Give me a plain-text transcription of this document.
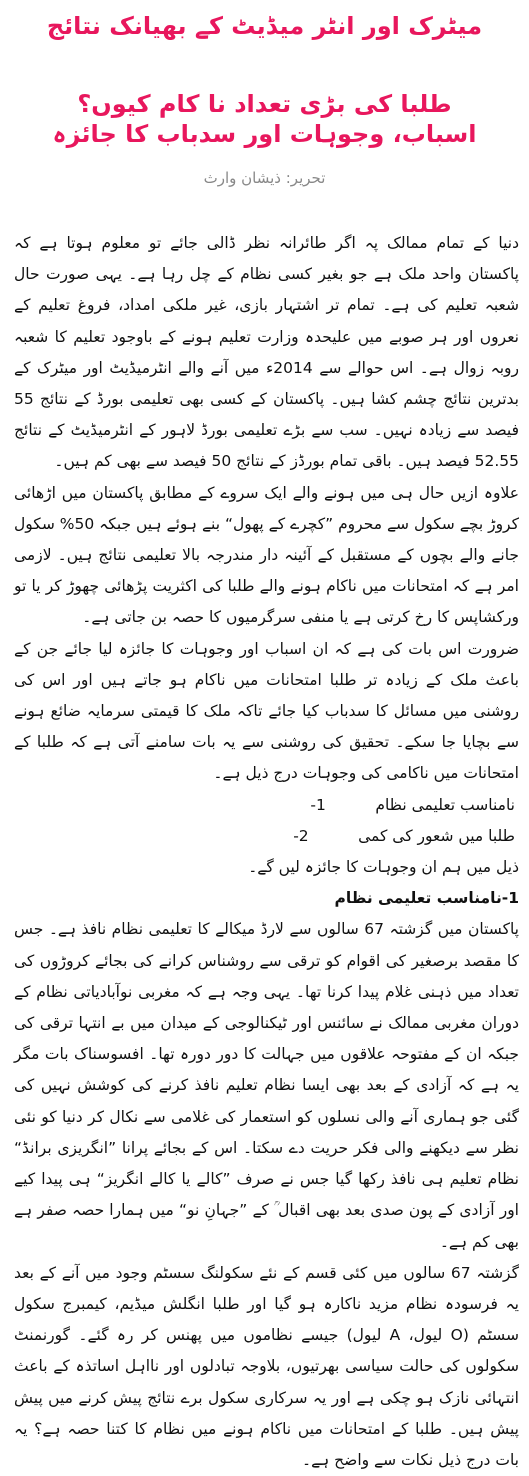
میٹرک اور انٹر میڈیٹ کے بھیانک نتائج
طلبا کی بڑی تعداد نا کام کیوں؟
اسباب، وجوہات اور سدباب کا جائزہ
تحریر: ذیشان وارث

دنیا کے تمام ممالک پہ اگر طائرانہ نظر ڈالی جائے تو معلوم ہوتا ہے کہ پاکستان واحد ملک ہے جو بغیر کسی نظام کے چل رہا ہے۔ یہی صورت حال شعبہ تعلیم کی ہے۔ تمام تر اشتہار بازی، غیر ملکی امداد، فروغ تعلیم کے نعروں اور ہر صوبے میں علیحدہ وزارت تعلیم ہونے کے باوجود تعلیم کا شعبہ روبہ زوال ہے۔ اس حوالے سے 2014ء میں آنے والے انٹرمیڈیٹ اور میٹرک کے بدترین نتائج چشم کشا ہیں۔ پاکستان کے کسی بھی تعلیمی بورڈ کے نتائج 55 فیصد سے زیادہ نہیں۔ سب سے بڑے تعلیمی بورڈ لاہور کے انٹرمیڈیٹ کے نتائج 52.55 فیصد ہیں۔ باقی تمام بورڈز کے نتائج 50 فیصد سے بھی کم ہیں۔

علاوہ ازیں حال ہی میں ہونے والے ایک سروے کے مطابق پاکستان میں اڑھائی کروڑ بچے سکول سے محروم ”کچرے کے پھول“ بنے ہوئے ہیں جبکہ 50% سکول جانے والے بچوں کے مستقبل کے آئینہ دار مندرجہ بالا تعلیمی نتائج ہیں۔ لازمی امر ہے کہ امتحانات میں ناکام ہونے والے طلبا کی اکثریت پڑھائی چھوڑ کر یا تو ورکشاپس کا رخ کرتی ہے یا منفی سرگرمیوں کا حصہ بن جاتی ہے۔

ضرورت اس بات کی ہے کہ ان اسباب اور وجوہات کا جائزہ لیا جائے جن کے باعث ملک کے زیادہ تر طلبا امتحانات میں ناکام ہو جاتے ہیں اور اس کی روشنی میں مسائل کا سدباب کیا جائے تاکہ ملک کا قیمتی سرمایہ ضائع ہونے سے بچایا جا سکے۔ تحقیق کی روشنی سے یہ بات سامنے آتی ہے کہ طلبا کے امتحانات میں ناکامی کی وجوہات درج ذیل ہے۔

نامناسب تعلیمی نظام -1
طلبا میں شعور کی کمی -2

ذیل میں ہم ان وجوہات کا جائزہ لیں گے۔

1-نامناسب تعلیمی نظام

پاکستان میں گزشتہ 67 سالوں سے لارڈ میکالے کا تعلیمی نظام نافذ ہے۔ جس کا مقصد برصغیر کی اقوام کو ترقی سے روشناس کرانے کی بجائے کروڑوں کی تعداد میں ذہنی غلام پیدا کرنا تھا۔ یہی وجہ ہے کہ مغربی نوآبادیاتی نظام کے دوران مغربی ممالک نے سائنس اور ٹیکنالوجی کے میدان میں بے انتہا ترقی کی جبکہ ان کے مفتوحہ علاقوں میں جہالت کا دور دورہ تھا۔ افسوسناک بات مگر یہ ہے کہ آزادی کے بعد بھی ایسا نظام تعلیم نافذ کرنے کی کوشش نہیں کی گئی جو ہماری آنے والی نسلوں کو استعمار کی غلامی سے نکال کر دنیا کو نئی نظر سے دیکھنے والی فکر حریت دے سکتا۔ اس کے بجائے پرانا ”انگریزی برانڈ“ نظام تعلیم ہی نافذ رکھا گیا جس نے صرف ”کالے یا کالے انگریز“ ہی پیدا کیے اور آزادی کے پون صدی بعد بھی اقبال ؒ کے ”جہانِ نو“ میں ہمارا حصہ صفر ہے بھی کم ہے۔

گزشتہ 67 سالوں میں کئی قسم کے نئے سکولنگ سسٹم وجود میں آنے کے بعد یہ فرسودہ نظام مزید ناکارہ ہو گیا اور طلبا انگلش میڈیم، کیمبرج سکول سسٹم (O لیول، A لیول) جیسے نظاموں میں پھنس کر رہ گئے۔ گورنمنٹ سکولوں کی حالت سیاسی بھرتیوں، بلاوجہ تبادلوں اور نااہل اساتذہ کے باعث انتہائی نازک ہو چکی ہے اور یہ سرکاری سکول برے نتائج پیش کرنے میں پیش پیش ہیں۔ طلبا کے امتحانات میں ناکام ہونے میں نظام کا کتنا حصہ ہے؟ یہ بات درج ذیل نکات سے واضح ہے۔
